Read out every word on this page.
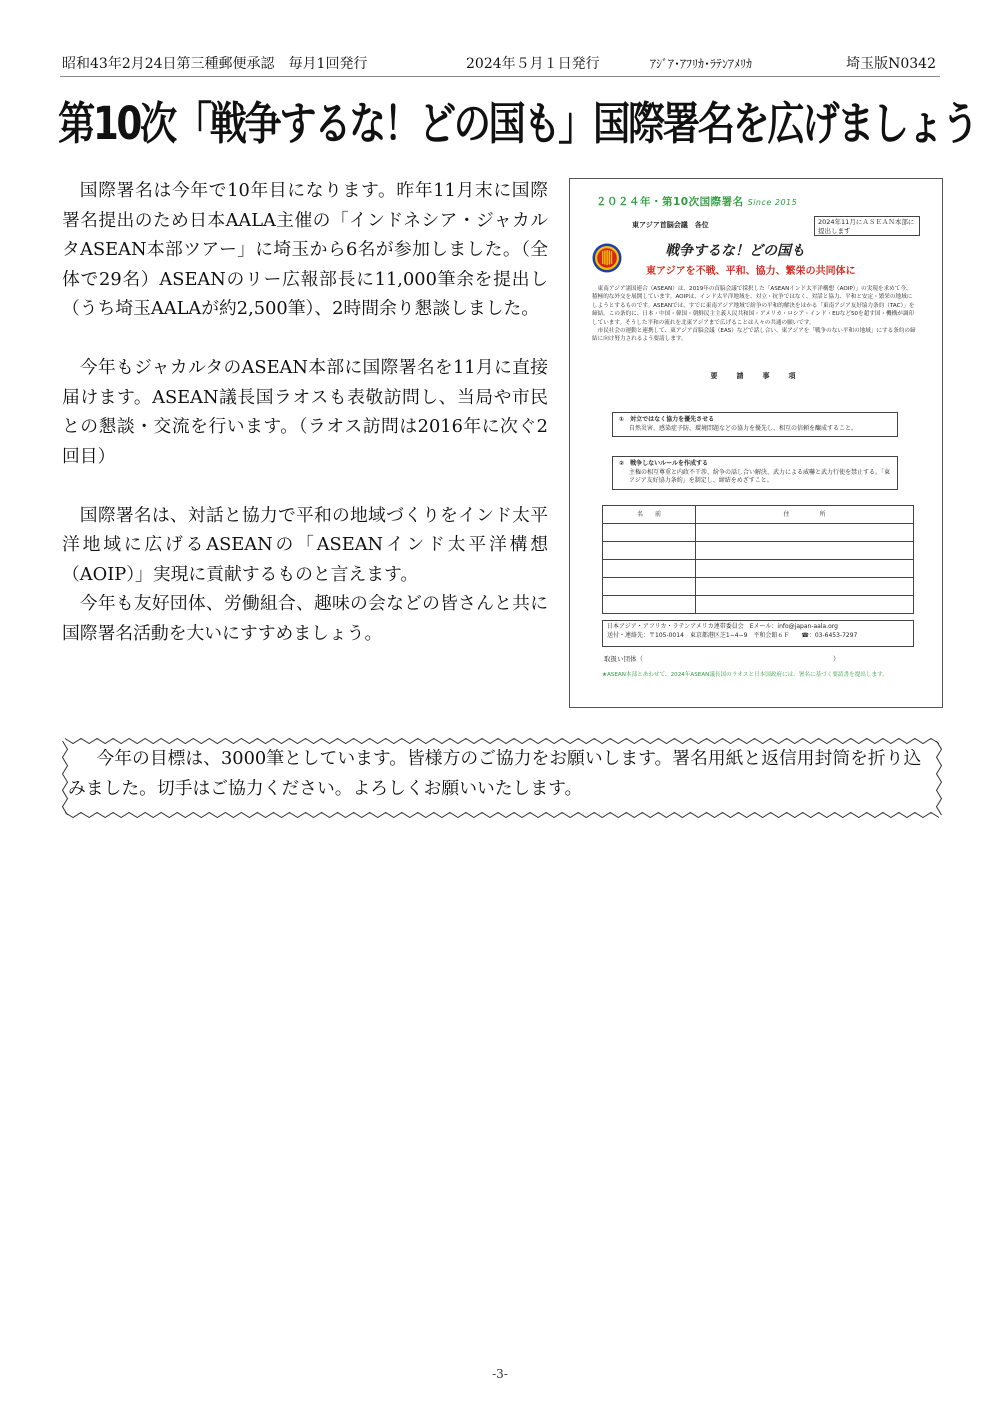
昭和43年2月24日第三種郵便承認　毎月1回発行	2024年５月１日発行	ｱｼﾞｱ･ｱﾌﾘｶ･ﾗﾃﾝｱﾒﾘｶ	埼玉版N0342
第10次「戦争するな！どの国も」国際署名を広げましょう

国際署名は今年で10年目になります。昨年11月末に国際署名提出のため日本AALA主催の「インドネシア・ジャカルタASEAN本部ツアー」に埼玉から6名が参加しました。（全体で29名）ASEANのリー広報部長に11,000筆余を提出し（うち埼玉AALAが約2,500筆）、2時間余り懇談しました。

今年もジャカルタのASEAN本部に国際署名を11月に直接届けます。ASEAN議長国ラオスも表敬訪問し、当局や市民との懇談・交流を行います。（ラオス訪問は2016年に次ぐ2回目）

国際署名は、対話と協力で平和の地域づくりをインド太平洋地域に広げるASEANの「ASEANインド太平洋構想（AOIP）」実現に貢献するものと言えます。

今年も友好団体、労働組合、趣味の会などの皆さんと共に国際署名活動を大いにすすめましょう。

２０２４年・第10次国際署名 Since 2015
東アジア首脳会議　各位	2024年11月にＡＳＥＡＮ本部に提出します
戦争するな！どの国も
東アジアを不戦、平和、協力、繁栄の共同体に

東南アジア諸国連合（ASEAN）は、2019年の首脳会議で採択した「ASEANインド太平洋構想（AOIP）」の実現を求めて今、積極的な外交を展開しています。AOIPは、インド太平洋地域を、対立・抗争ではなく、対話と協力、平和と安定・繁栄の地域にしようとするものです。ASEANでは、すでに東南アジア地域で紛争の平和的解決をはかる「東南アジア友好協力条約（TAC）」を締結。この条約に、日本・中国・韓国・朝鮮民主主義人民共和国・アメリカ・ロシア・インド・EUなど50を超す国・機構が調印しています。そうした平和の流れを北東アジアまで広げることは人々の共通の願いです。

市民社会の運動と連携して、東アジア首脳会議（EAS）などで話し合い、東アジアを「戦争のない平和の地域」にする条約の締結に向け努力されるよう要請します。

要　請　事　項
①　対立ではなく協力を優先させる
自然災害、感染症予防、環境問題などの協力を優先し、相互の信頼を醸成すること。
②　戦争しないルールを作成する
主権の相互尊重と内政不干渉、紛争の話し合い解決、武力による威嚇と武力行使を禁止する。「東アジア友好協力条約」を制定し、締結をめざすこと。
名　　前	住　　　　　所

日本アジア・アフリカ・ラテンアメリカ連帯委員会　Eメール：info@japan-aala.org
送付・連絡先：〒105-0014　東京都港区芝1−4−9　平和会館６Ｆ　　☎：03-6453-7297
取扱い団体（	）
★ASEAN本部とあわせて、2024年ASEAN議長国のラオスと日本国政府には、署名に基づく要請書を提出します。

今年の目標は、3000筆としています。皆様方のご協力をお願いします。署名用紙と返信用封筒を折り込みました。切手はご協力ください。よろしくお願いいたします。

-3-
